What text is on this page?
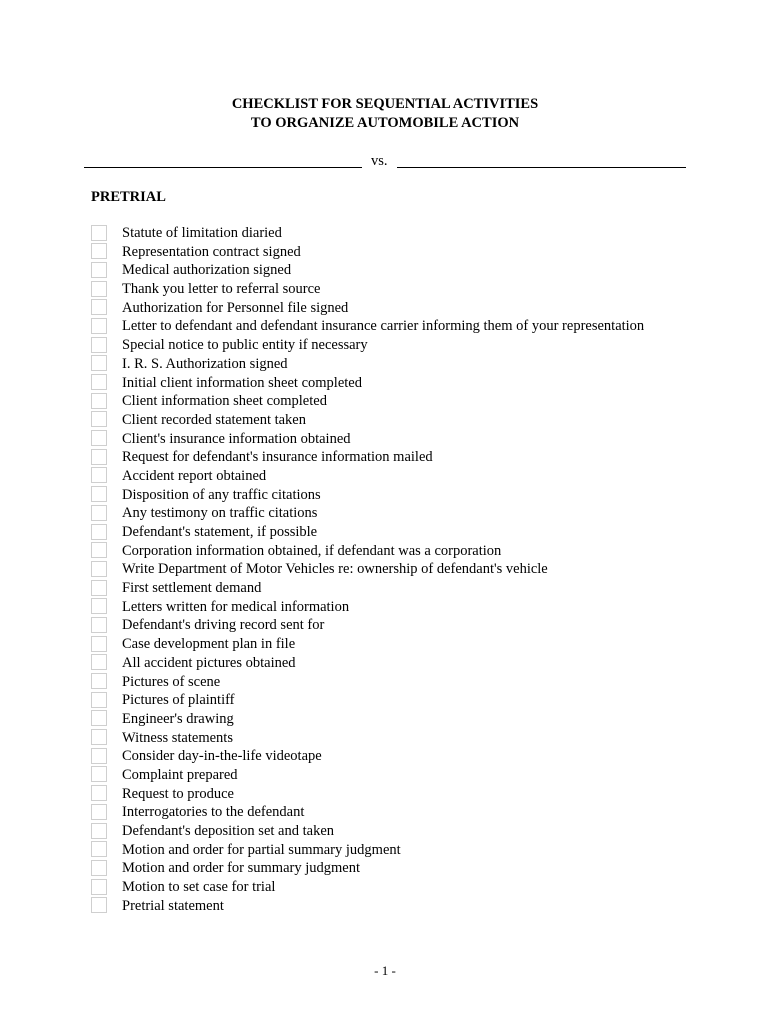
CHECKLIST FOR SEQUENTIAL ACTIVITIES
TO ORGANIZE AUTOMOBILE ACTION
vs.
PRETRIAL
Statute of limitation diaried
Representation contract signed
Medical authorization signed
Thank you letter to referral source
Authorization for Personnel file signed
Letter to defendant and defendant insurance carrier informing them of your representation
Special notice to public entity if necessary
I. R. S. Authorization signed
Initial client information sheet completed
Client information sheet completed
Client recorded statement taken
Client's insurance information obtained
Request for defendant's insurance information mailed
Accident report obtained
Disposition of any traffic citations
Any testimony on traffic citations
Defendant's statement, if possible
Corporation information obtained, if defendant was a corporation
Write Department of Motor Vehicles re: ownership of defendant's vehicle
First settlement demand
Letters written for medical information
Defendant's driving record sent for
Case development plan in file
All accident pictures obtained
Pictures of scene
Pictures of plaintiff
Engineer's drawing
Witness statements
Consider day-in-the-life videotape
Complaint prepared
Request to produce
Interrogatories to the defendant
Defendant's deposition set and taken
Motion and order for partial summary judgment
Motion and order for summary judgment
Motion to set case for trial
Pretrial statement
- 1 -
